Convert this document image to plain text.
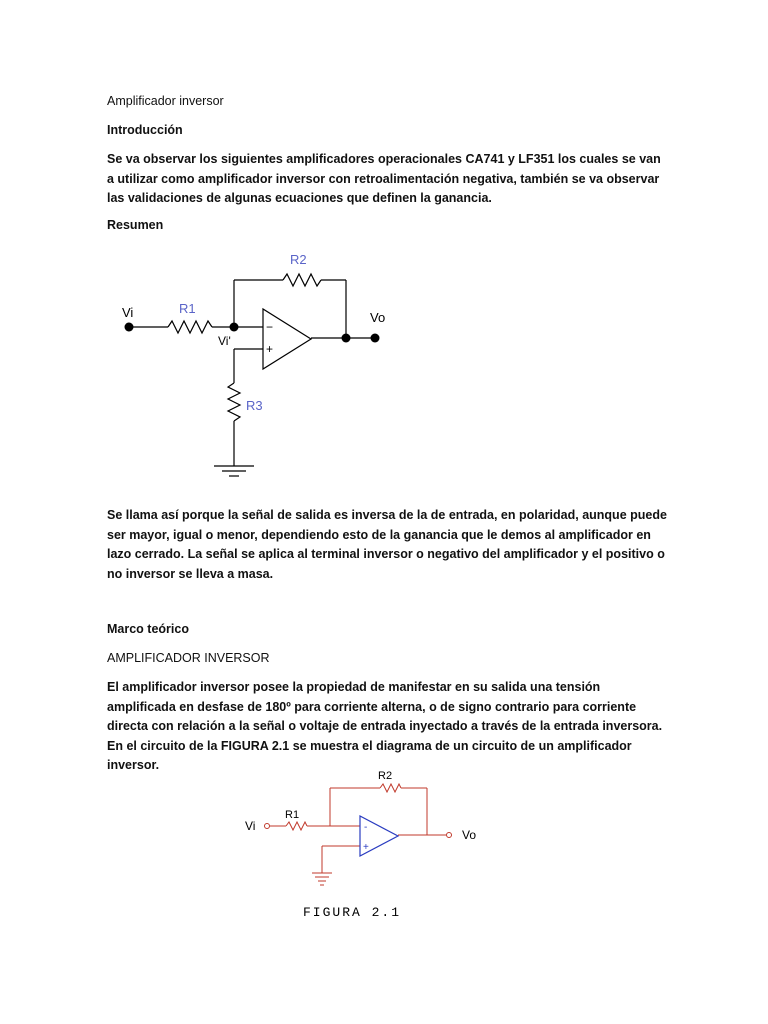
Amplificador inversor

Introducción

Se va observar los siguientes amplificadores operacionales CA741 y LF351 los cuales se van a utilizar como amplificador inversor con retroalimentación negativa, también se va observar las validaciones de algunas ecuaciones que definen la ganancia.

Resumen

Vi	R1
R2
R3
Vo
Vi'
−
+

Se llama así porque la señal de salida es inversa de la de entrada, en polaridad, aunque puede ser mayor, igual o menor, dependiendo esto de la ganancia que le demos al amplificador en lazo cerrado. La señal se aplica al terminal inversor o negativo del amplificador y el positivo o no inversor se lleva a masa.

Marco teórico

AMPLIFICADOR INVERSOR

El amplificador inversor posee la propiedad de manifestar en su salida una tensión amplificada en desfase de 180º para corriente alterna, o de signo contrario para corriente directa con relación a la señal o voltaje de entrada inyectado a través de la entrada inversora. En el circuito de la FIGURA 2.1 se muestra el diagrama de un circuito de un amplificador inversor.

Vi
R1
R2
Vo
-
+
FIGURA 2.1
